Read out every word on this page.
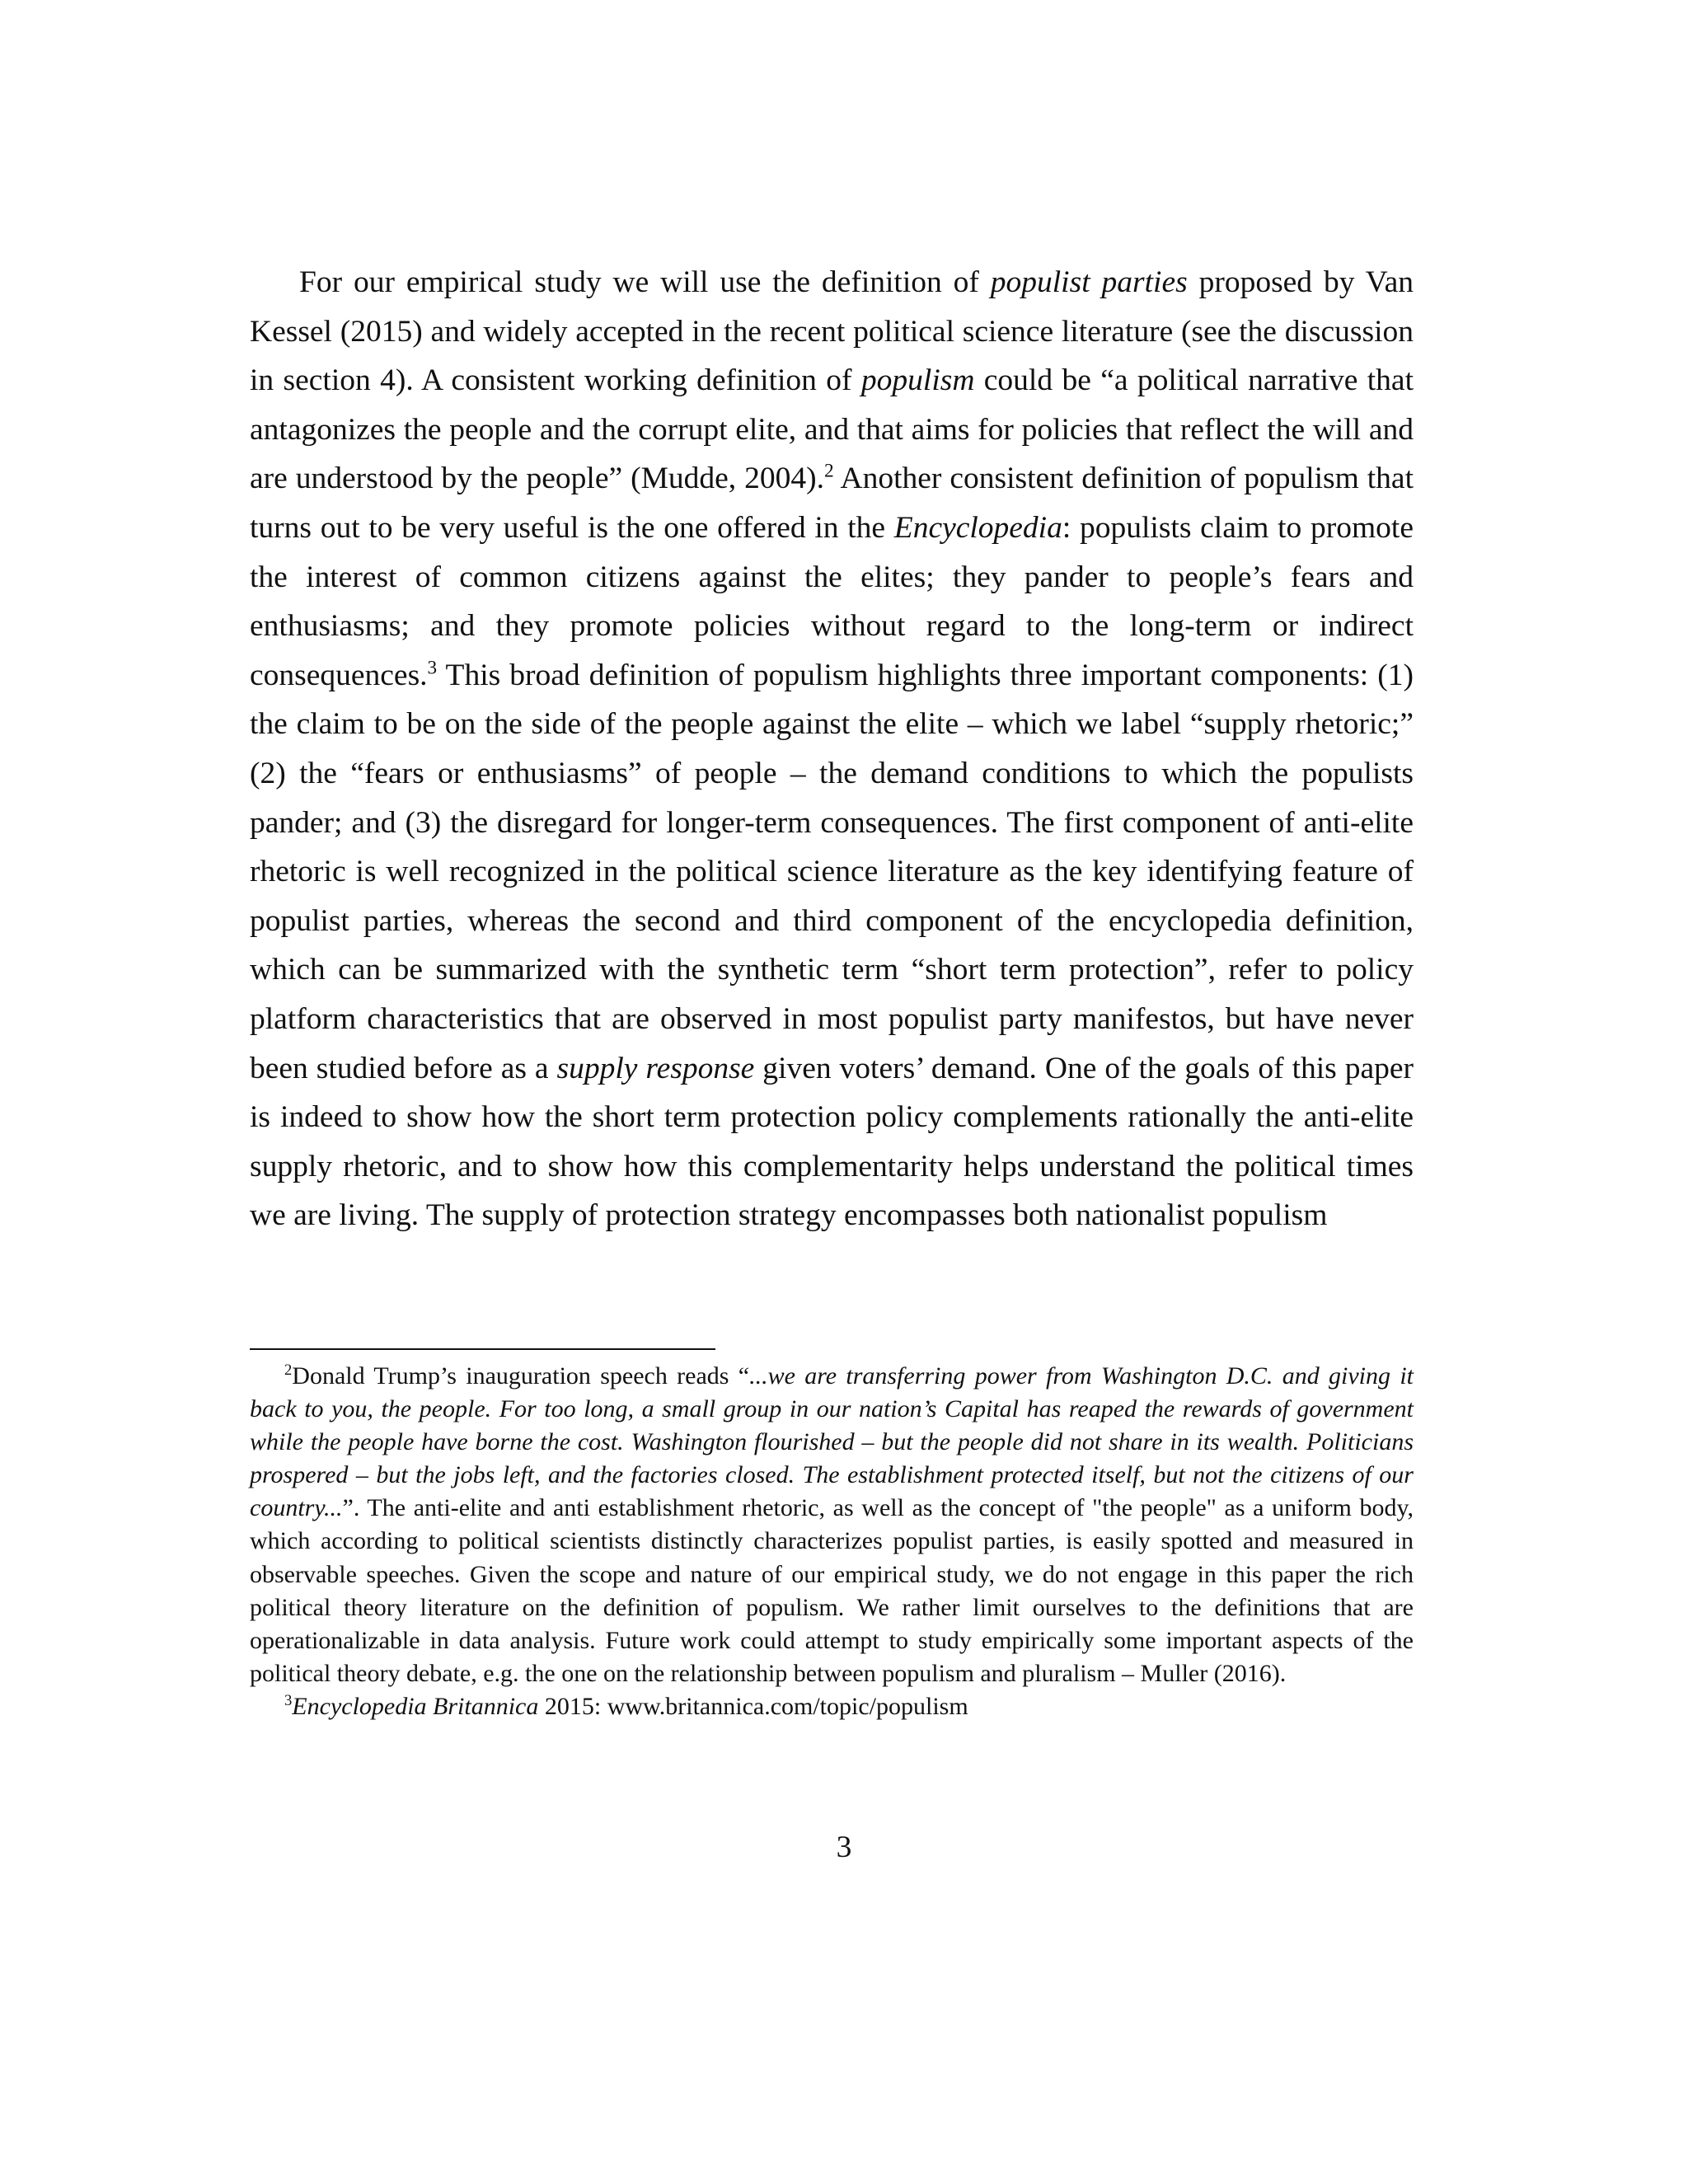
For our empirical study we will use the definition of populist parties proposed by Van Kessel (2015) and widely accepted in the recent political science literature (see the discussion in section 4). A consistent working definition of populism could be “a political narrative that antagonizes the people and the corrupt elite, and that aims for policies that reflect the will and are understood by the people” (Mudde, 2004).$^2$ Another consistent definition of populism that turns out to be very useful is the one offered in the Encyclopedia: populists claim to promote the interest of common citizens against the elites; they pander to people’s fears and enthusiasms; and they promote policies without regard to the long-term or indirect consequences.$^3$ This broad definition of populism highlights three important components: (1) the claim to be on the side of the people against the elite – which we label “supply rhetoric;” (2) the “fears or enthusiasms” of people – the demand conditions to which the populists pander; and (3) the disregard for longer-term consequences. The first component of anti-elite rhetoric is well recognized in the political science literature as the key identifying feature of populist parties, whereas the second and third component of the encyclopedia definition, which can be summarized with the synthetic term “short term protection”, refer to policy platform characteristics that are observed in most populist party manifestos, but have never been studied before as a supply response given voters’ demand. One of the goals of this paper is indeed to show how the short term protection policy complements rationally the anti-elite supply rhetoric, and to show how this complementarity helps understand the political times we are living. The supply of protection strategy encompasses both nationalist populism

$^2$Donald Trump’s inauguration speech reads “...we are transferring power from Washington D.C. and giving it back to you, the people. For too long, a small group in our nation’s Capital has reaped the rewards of government while the people have borne the cost. Washington flourished – but the people did not share in its wealth. Politicians prospered – but the jobs left, and the factories closed. The establishment protected itself, but not the citizens of our country...”. The anti-elite and anti establishment rhetoric, as well as the concept of "the people" as a uniform body, which according to political scientists distinctly characterizes populist parties, is easily spotted and measured in observable speeches. Given the scope and nature of our empirical study, we do not engage in this paper the rich political theory literature on the definition of populism. We rather limit ourselves to the definitions that are operationalizable in data analysis. Future work could attempt to study empirically some important aspects of the political theory debate, e.g. the one on the relationship between populism and pluralism – Muller (2016).

$^3$Encyclopedia Britannica 2015: www.britannica.com/topic/populism

3
